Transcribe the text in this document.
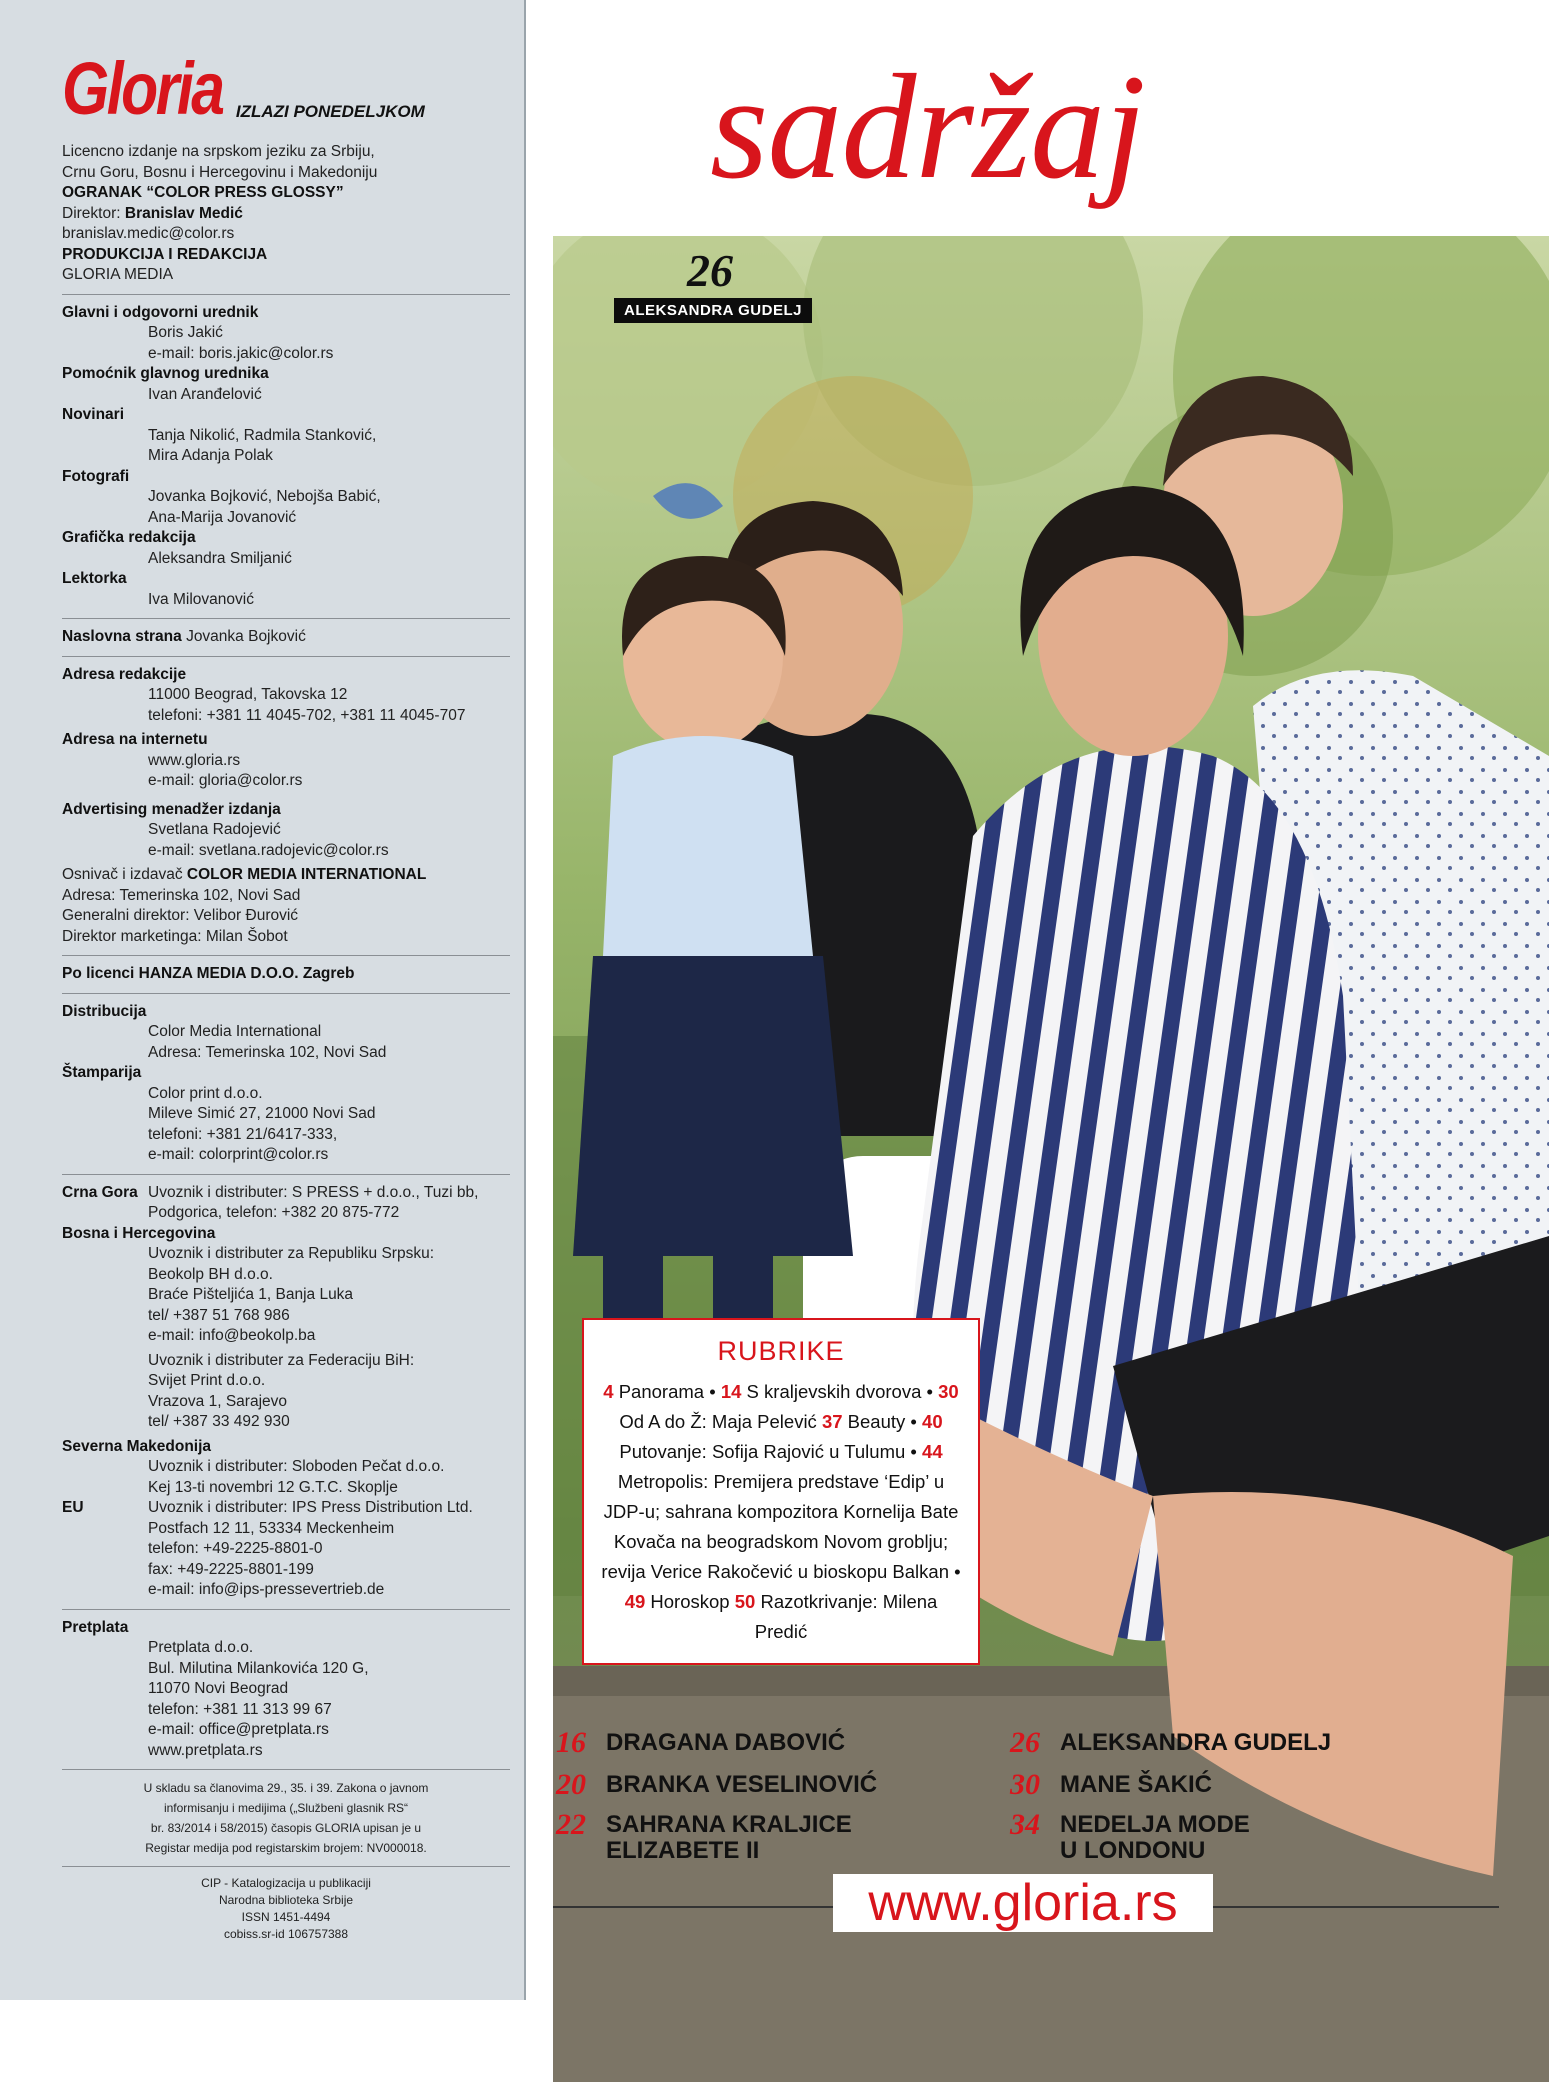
Gloria IZLAZI PONEDELJKOM
Licencno izdanje na srpskom jeziku za Srbiju,
Crnu Goru, Bosnu i Hercegovinu i Makedoniju
OGRANAK “COLOR PRESS GLOSSY”
Direktor: Branislav Medić
branislav.medic@color.rs
PRODUKCIJA I REDAKCIJA
GLORIA MEDIA
Glavni i odgovorni urednik
Boris Jakić
e-mail: boris.jakic@color.rs
Pomoćnik glavnog urednika
Ivan Aranđelović
Novinari
Tanja Nikolić, Radmila Stanković,
Mira Adanja Polak
Fotografi
Jovanka Bojković, Nebojša Babić,
Ana-Marija Jovanović
Grafička redakcija
Aleksandra Smiljanić
Lektorka
Iva Milovanović
Naslovna strana Jovanka Bojković
Adresa redakcije
11000 Beograd, Takovska 12
telefoni: +381 11 4045-702, +381 11 4045-707
Adresa na internetu
www.gloria.rs
e-mail: gloria@color.rs
Advertising menadžer izdanja
Svetlana Radojević
e-mail: svetlana.radojevic@color.rs
Osnivač i izdavač COLOR MEDIA INTERNATIONAL
Adresa: Temerinska 102, Novi Sad
Generalni direktor: Velibor Đurović
Direktor marketinga: Milan Šobot
Po licenci HANZA MEDIA D.O.O. Zagreb
Distribucija
Color Media International
Adresa: Temerinska 102, Novi Sad
Štamparija
Color print d.o.o.
Mileve Simić 27, 21000 Novi Sad
telefoni: +381 21/6417-333,
e-mail: colorprint@color.rs
Crna Gora Uvoznik i distributer: S PRESS + d.o.o., Tuzi bb,
Podgorica, telefon: +382 20 875-772
Bosna i Hercegovina
Uvoznik i distributer za Republiku Srpsku:
Beokolp BH d.o.o.
Braće Pišteljića 1, Banja Luka
tel/ +387 51 768 986
e-mail: info@beokolp.ba
Uvoznik i distributer za Federaciju BiH:
Svijet Print d.o.o.
Vrazova 1, Sarajevo
tel/ +387 33 492 930
Severna Makedonija
Uvoznik i distributer: Sloboden Pečat d.o.o.
Kej 13-ti novembri 12 G.T.C. Skoplje
EU	Uvoznik i distributer: IPS Press Distribution Ltd.
Postfach 12 11, 53334 Meckenheim
telefon: +49-2225-8801-0
fax: +49-2225-8801-199
e-mail: info@ips-pressevertrieb.de
Pretplata
Pretplata d.o.o.
Bul. Milutina Milankovića 120 G,
11070 Novi Beograd
telefon: +381 11 313 99 67
e-mail: office@pretplata.rs
www.pretplata.rs
U skladu sa članovima 29., 35. i 39. Zakona o javnom
informisanju i medijima („Službeni glasnik RS“
br. 83/2014 i 58/2015) časopis GLORIA upisan je u
Registar medija pod registarskim brojem: NV000018.
CIP - Katalogizacija u publikaciji
Narodna biblioteka Srbije
ISSN 1451-4494
cobiss.sr-id 106757388
sadržaj
26
ALEKSANDRA GUDELJ
RUBRIKE

4 Panorama • 14 S kraljevskih dvorova • 30 Od A do Ž: Maja Pelević 37 Beauty • 40 Putovanje: Sofija Rajović u Tulumu • 44 Metropolis: Premijera predstave ‘Edip’ u JDP-u; sahrana kompozitora Kornelija Bate Kovača na beogradskom Novom groblju; revija Verice Rakočević u bioskopu Balkan • 49 Horoskop 50 Razotkrivanje: Milena Predić

16 DRAGANA DABOVIĆ
20 BRANKA VESELINOVIĆ
22 SAHRANA KRALJICE
ELIZABETE II
26 ALEKSANDRA GUDELJ
30 MANE ŠAKIĆ
34 NEDELJA MODE
U LONDONU
www.gloria.rs
